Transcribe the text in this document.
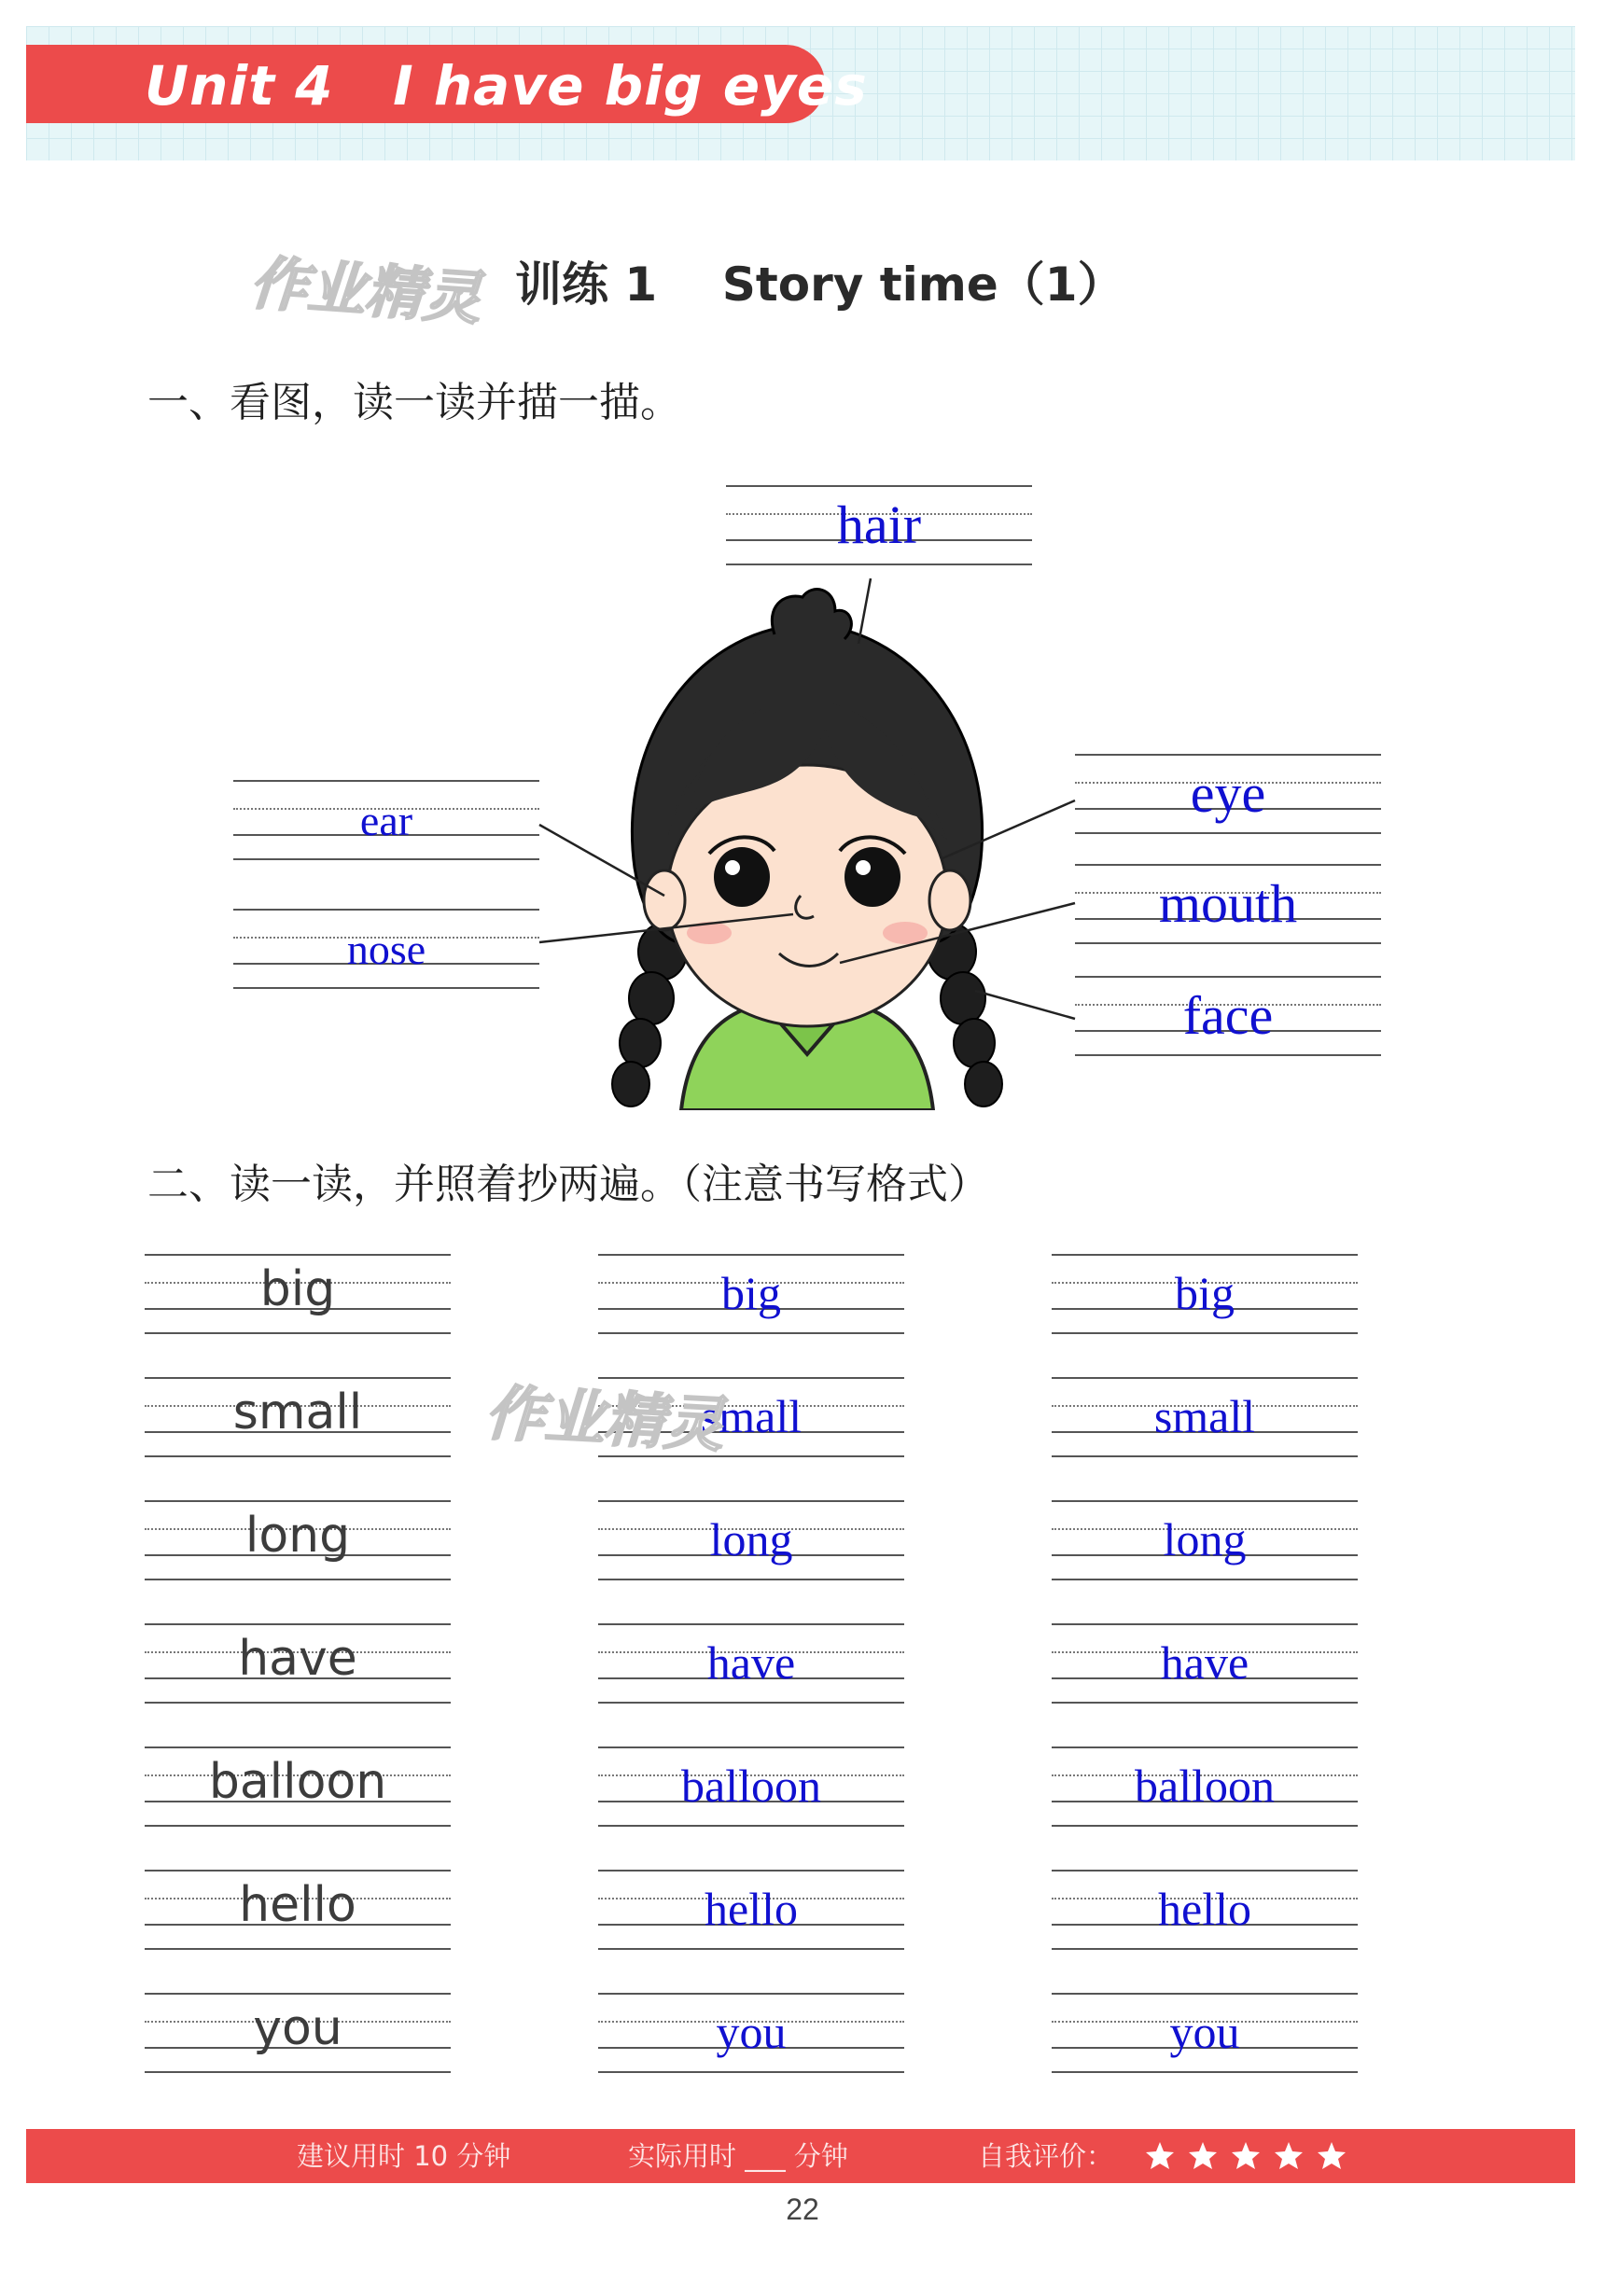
Unit 4   I have big eyes
作业精灵 训练 1    Story time（1）
一、看图，读一读并描一描。
hair
ear
nose
eye
mouth
face
二、读一读，并照着抄两遍。（注意书写格式）
big	big	big
small	small	small
long	long	long
have	have	have
balloon	balloon	balloon
hello	hello	hello
you	you	you
作业精灵
建议用时 10 分钟	实际用时 ___ 分钟	自我评价：
22
